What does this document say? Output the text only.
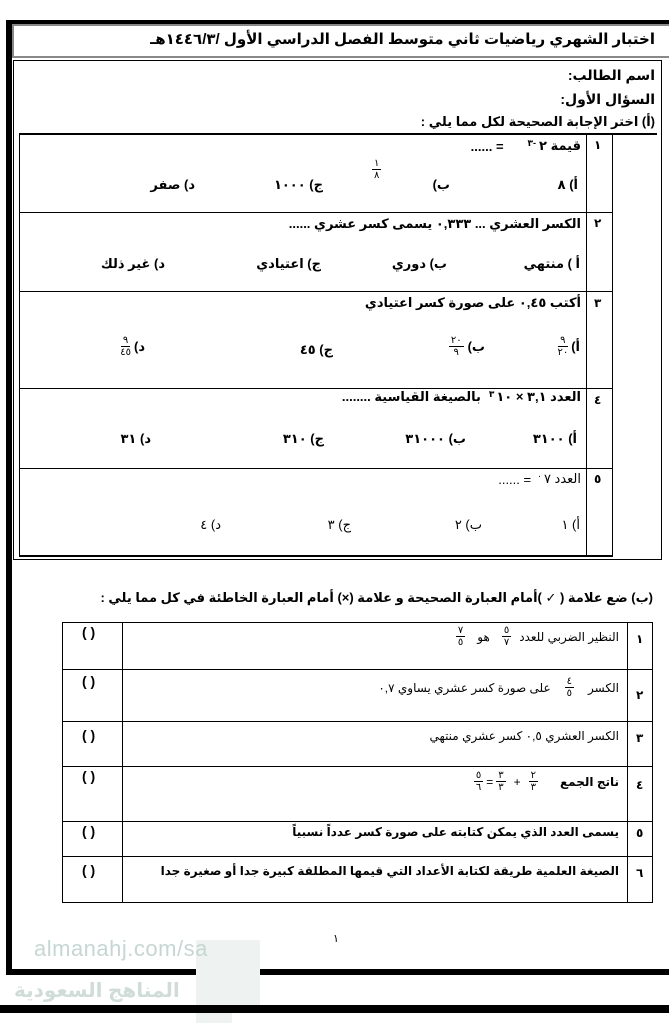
اختبار الشهري رياضيات ثاني متوسط الفصل الدراسي الأول /١٤٤٦/٣هـ
اسم الطالب:
السؤال الأول:
(أ) اختر الإجابة الصحيحة لكل مما يلي :
١
قيمة ٢
-٣
= ......
أ) ٨
ب)
$\frac{١}{٨}$
ج) ١٠٠٠
د) صفر
٢
الكسر العشري ... ٠,٣٣٣ يسمى كسر عشري ......
أ ) منتهي
ب) دوري
ج) اعتيادي
د) غير ذلك
٣
أكتب ٠,٤٥ على صورة كسر اعتيادي
أ)
$\frac{٩}{٢٠}$
ب)
$\frac{٢٠}{٩}$
ج) ٤٥
د)
$\frac{٩}{٤٥}$
٤
العدد ٣,١ × ١٠
٣
بالصيغة القياسية ........
أ) ٣١٠٠
ب) ٣١٠٠٠
ج) ٣١٠
د) ٣١
٥
العدد ٧
٠
= ......
أ) ١
ب) ٢
ج) ٣
د) ٤
(ب) ضع علامة ( ✓ )أمام العبارة الصحيحة و علامة (×) أمام العبارة الخاطئة في كل مما يلي :
١
النظير الضربي للعدد
$\frac{٥}{٧}$
هو
$\frac{٧}{٥}$
( )
٢
الكسر
$\frac{٤}{٥}$
على صورة كسر عشري يساوي ٠,٧
( )
٣
الكسر العشري ٠,٥ كسر عشري منتهي
( )
٤
ناتج الجمع
$\frac{٢}{٣}$
+
$\frac{٣}{٣}$
=
$\frac{٥}{٦}$
( )
٥
يسمى العدد الذي يمكن كتابته على صورة كسر عدداً نسبياً
( )
٦
الصيغة العلمية طريقة لكتابة الأعداد التي قيمها المطلقة كبيرة جدا أو صغيرة جدا
( )
١
almanahj.com/sa
المناهج السعودية
